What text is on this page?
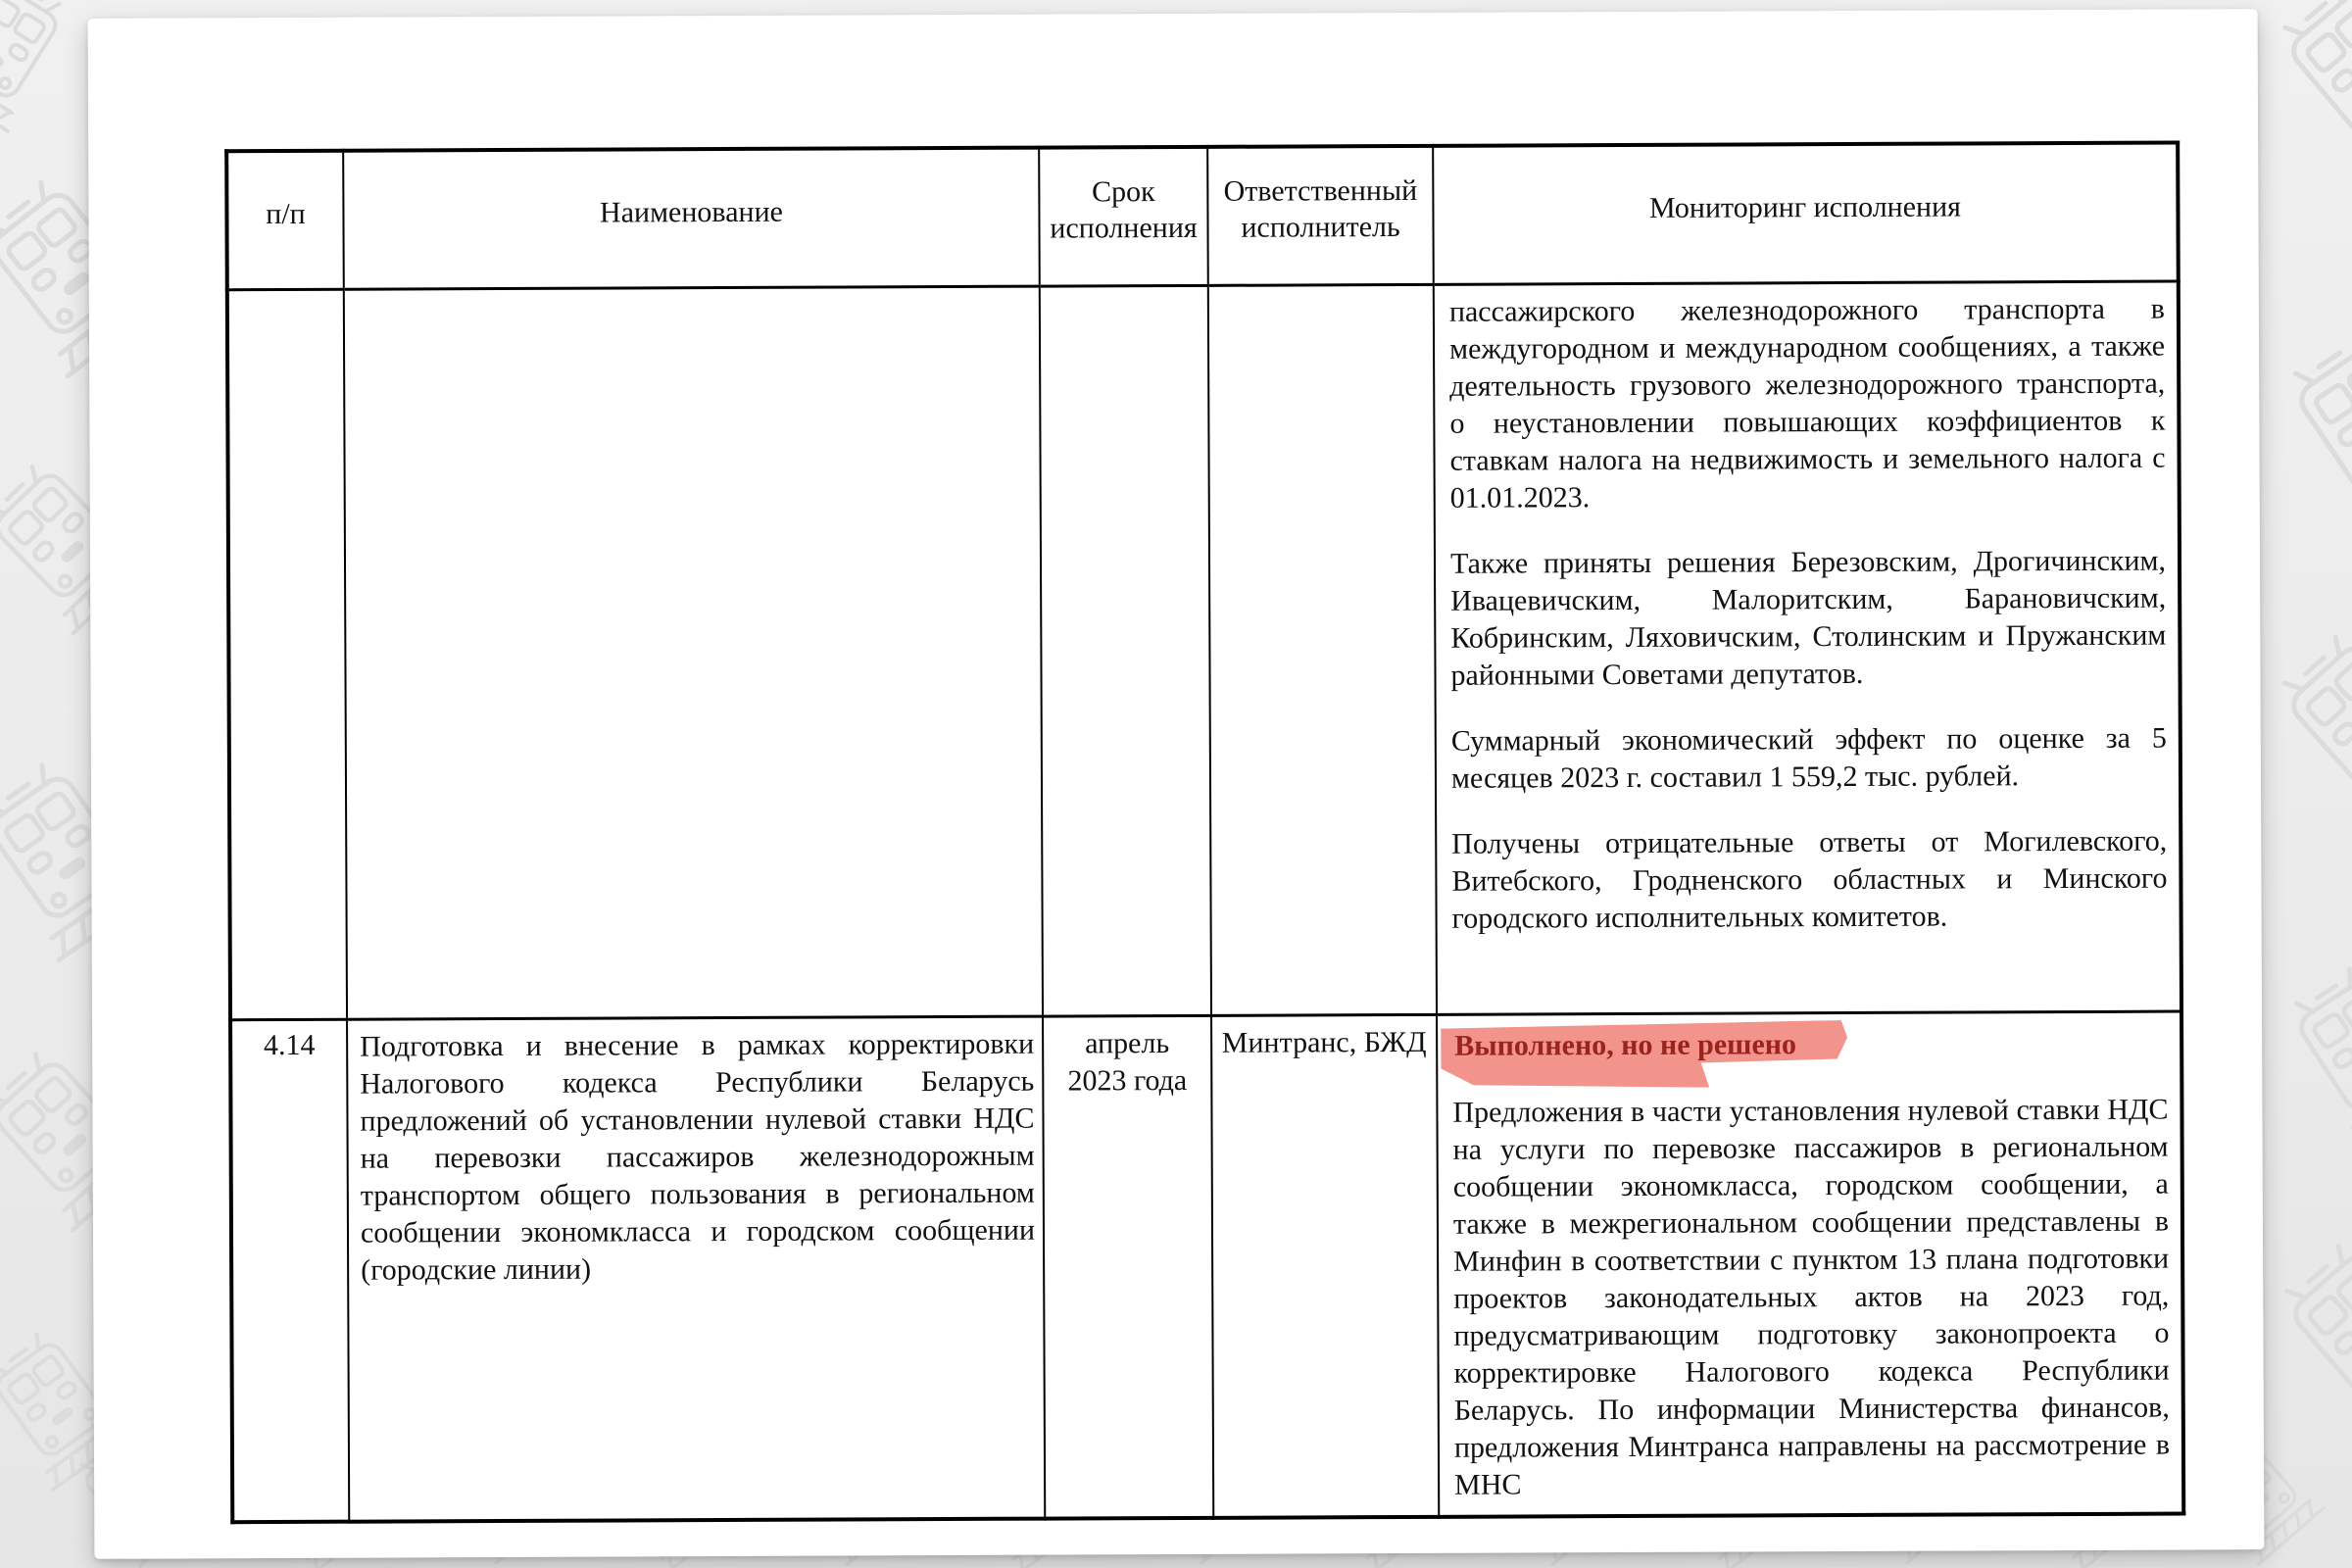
п/п	Наименование	Срок исполнения	Ответственный исполнитель	Мониторинг исполнения

				пассажирского железнодорожного транспорта в междугородном и международном сообщениях, а также деятельность грузового железнодорожного транспорта, о неустановлении повышающих коэффициентов к ставкам налога на недвижимость и земельного налога с 01.01.2023.

Также приняты решения Березовским, Дрогичинским, Ивацевичским, Малоритским, Барановичским, Кобринским, Ляховичским, Столинским и Пружанским районными Советами депутатов.

Суммарный экономический эффект по оценке за 5 месяцев 2023 г. составил 1 559,2 тыс. рублей.

Получены отрицательные ответы от Могилевского, Витебского, Гродненского областных и Минского городского исполнительных комитетов.

4.14	Подготовка и внесение в рамках корректировки Налогового кодекса Республики Беларусь предложений об установлении нулевой ставки НДС на перевозки пассажиров железнодорожным транспортом общего пользования в региональном сообщении экономкласса и городском сообщении (городские линии)	апрель 2023 года	Минтранс, БЖД	Выполнено, но не решено

Предложения в части установления нулевой ставки НДС на услуги по перевозке пассажиров в региональном сообщении экономкласса, городском сообщении, а также в межрегиональном сообщении представлены в Минфин в соответствии с пунктом 13 плана подготовки проектов законодательных актов на 2023 год, предусматривающим подготовку законопроекта о корректировке Налогового кодекса Республики Беларусь. По информации Министерства финансов, предложения Минтранса направлены на рассмотрение в МНС
